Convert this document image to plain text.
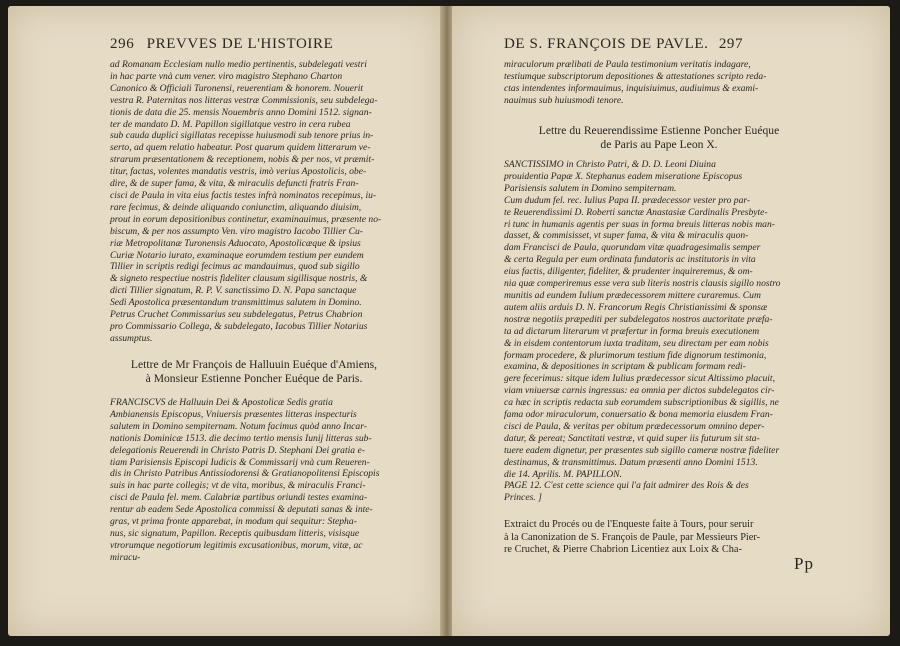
296 PREVVES DE L'HISTOIRE
ad Romanam Ecclesiam nullo medio pertinentis, subdelegati vestri
in hac parte vnà cum vener. viro magistro Stephano Charton
Canonico & Officiali Turonensi, reuerentiam & honorem. Nouerit
vestra R. Paternitas nos litteras vestræ Commissionis, seu subdelega-
tionis de data die 25. mensis Nouembris anno Domini 1512. signan-
ter de mandato D. M. Papillon sigillatque vestro in cera rubea
sub cauda duplici sigillatas recepisse huiusmodi sub tenore prius in-
serto, ad quem relatio habeatur. Post quarum quidem litterarum ve-
strarum præsentationem & receptionem, nobis & per nos, vt præmit-
titur, factas, volentes mandatis vestris, imò verius Apostolicis, obe-
dire, & de super fama, & vita, & miraculis defuncti fratris Fran-
cisci de Paula in vita eius factis testes infrà nominatos recepimus, iu-
rare fecimus, & deinde aliquando coniunctim, aliquando diuisim,
prout in eorum depositionibus continetur, examinauimus, præsente no-
biscum, & per nos assumpto Ven. viro magistro Iacobo Tillier Cu-
riæ Metropolitanæ Turonensis Aduocato, Apostolicæque & ipsius
Curiæ Notario iurato, examinaque eorumdem testium per eundem
Tillier in scriptis redigi fecimus ac mandauimus, quod sub sigillo
& signeto respectiue nostris fideliter clausum sigillisque nostris, &
dicti Tillier signatum, R. P. V. sanctissimo D. N. Papa sanctaque
Sedi Apostolica præsentandum transmittimus salutem in Domino.
Petrus Cruchet Commissarius seu subdelegatus, Petrus Chabrion
pro Commissario Collega, & subdelegato, Iacobus Tillier Notarius
assumptus.
Lettre de Mr François de Halluuin Euéque d'Amiens,
à Monsieur Estienne Poncher Euéque de Paris.
FRANCISCVS de Halluuin Dei & Apostolicæ Sedis gratia
Ambianensis Episcopus, Vniuersis præsentes litteras inspecturis
salutem in Domino sempiternam. Notum facimus quòd anno Incar-
nationis Dominicæ 1513. die decimo tertio mensis Iunij litteras sub-
delegationis Reuerendi in Christo Patris D. Stephani Dei gratia e-
tiam Parisiensis Episcopi Iudicis & Commissarij vnà cum Reueren-
dis in Christo Patribus Antissiodorensi & Gratianopolitensi Episcopis
suis in hac parte collegis; vt de vita, moribus, & miraculis Franci-
cisci de Paula fel. mem. Calabriæ partibus oriundi testes examina-
rentur ab eadem Sede Apostolica commissi & deputati sanas & inte-
gras, vt prima fronte apparebat, in modum qui sequitur: Stepha-
nus, sic signatum, Papillon. Receptis quibusdam litteris, visisque
vtrorumque negotiorum legitimis excusationibus, morum, vitæ, ac
miracu-
DE S. FRANÇOIS DE PAVLE. 297
miraculorum prælibati de Paula testimonium veritatis indagare,
testiumque subscriptorum depositiones & attestationes scripto reda-
ctas intendentes informauimus, inquisiuimus, audiuimus & exami-
nauimus sub huiusmodi tenore.
Lettre du Reuerendissime Estienne Poncher Euéque
de Paris au Pape Leon X.
SANCTISSIMO in Christo Patri, & D. D. Leoni Diuina
prouidentia Papæ X. Stephanus eadem miseratione Episcopus
Parisiensis salutem in Domino sempiternam.
Cum dudum fel. rec. Iulius Papa II. prædecessor vester pro par-
te Reuerendissimi D. Roberti sanctæ Anastasiæ Cardinalis Presbyte-
ri tunc in humanis agentis per suas in forma breuis litteras nobis man-
dasset, & commisisset, vt super fama, & vita & miraculis quon-
dam Francisci de Paula, quorundam vitæ quadragesimalis semper
& certa Regula per eum ordinata fundatoris ac institutoris in vita
eius factis, diligenter, fideliter, & prudenter inquireremus, & om-
nia quæ comperiremus esse vera sub literis nostris clausis sigillo nostro
munitis ad eundem Iulium prædecessorem mittere curaremus. Cum
autem aliis arduis D. N. Francorum Regis Christianissimi & sponsæ
nostræ negotiis præpediti per subdelegatos nostros auctoritate præfa-
ta ad dictarum literarum vt præfertur in forma breuis executionem
& in eisdem contentorum iuxta traditam, seu directam per eam nobis
formam procedere, & plurimorum testium fide dignorum testimonia,
examina, & depositiones in scriptam & publicam formam redi-
gere fecerimus: sitque idem Iulius prædecessor sicut Altissimo placuit,
viam vniuersæ carnis ingressus: ea omnia per dictos subdelegatos cir-
ca hæc in scriptis redacta sub eorumdem subscriptionibus & sigillis, ne
fama odor miraculorum, conuersatio & bona memoria eiusdem Fran-
cisci de Paula, & veritas per obitum prædecessorum omnino deper-
datur, & pereat; Sanctitati vestræ, vt quid super iis futurum sit sta-
tuere eadem dignetur, per præsentes sub sigillo cameræ nostræ fideliter
destinamus, & transmittimus. Datum præsenti anno Domini 1513.
die 14. Aprilis. M. PAPILLON.
PAGE 12. C'est cette science qui l'a fait admirer des Rois & des
Princes. ]
Extraict du Procés ou de l'Enqueste faite à Tours, pour seruir
à la Canonization de S. François de Paule, par Messieurs Pier-
re Cruchet, & Pierre Chabrion Licentiez aux Loix & Cha-
Pp
